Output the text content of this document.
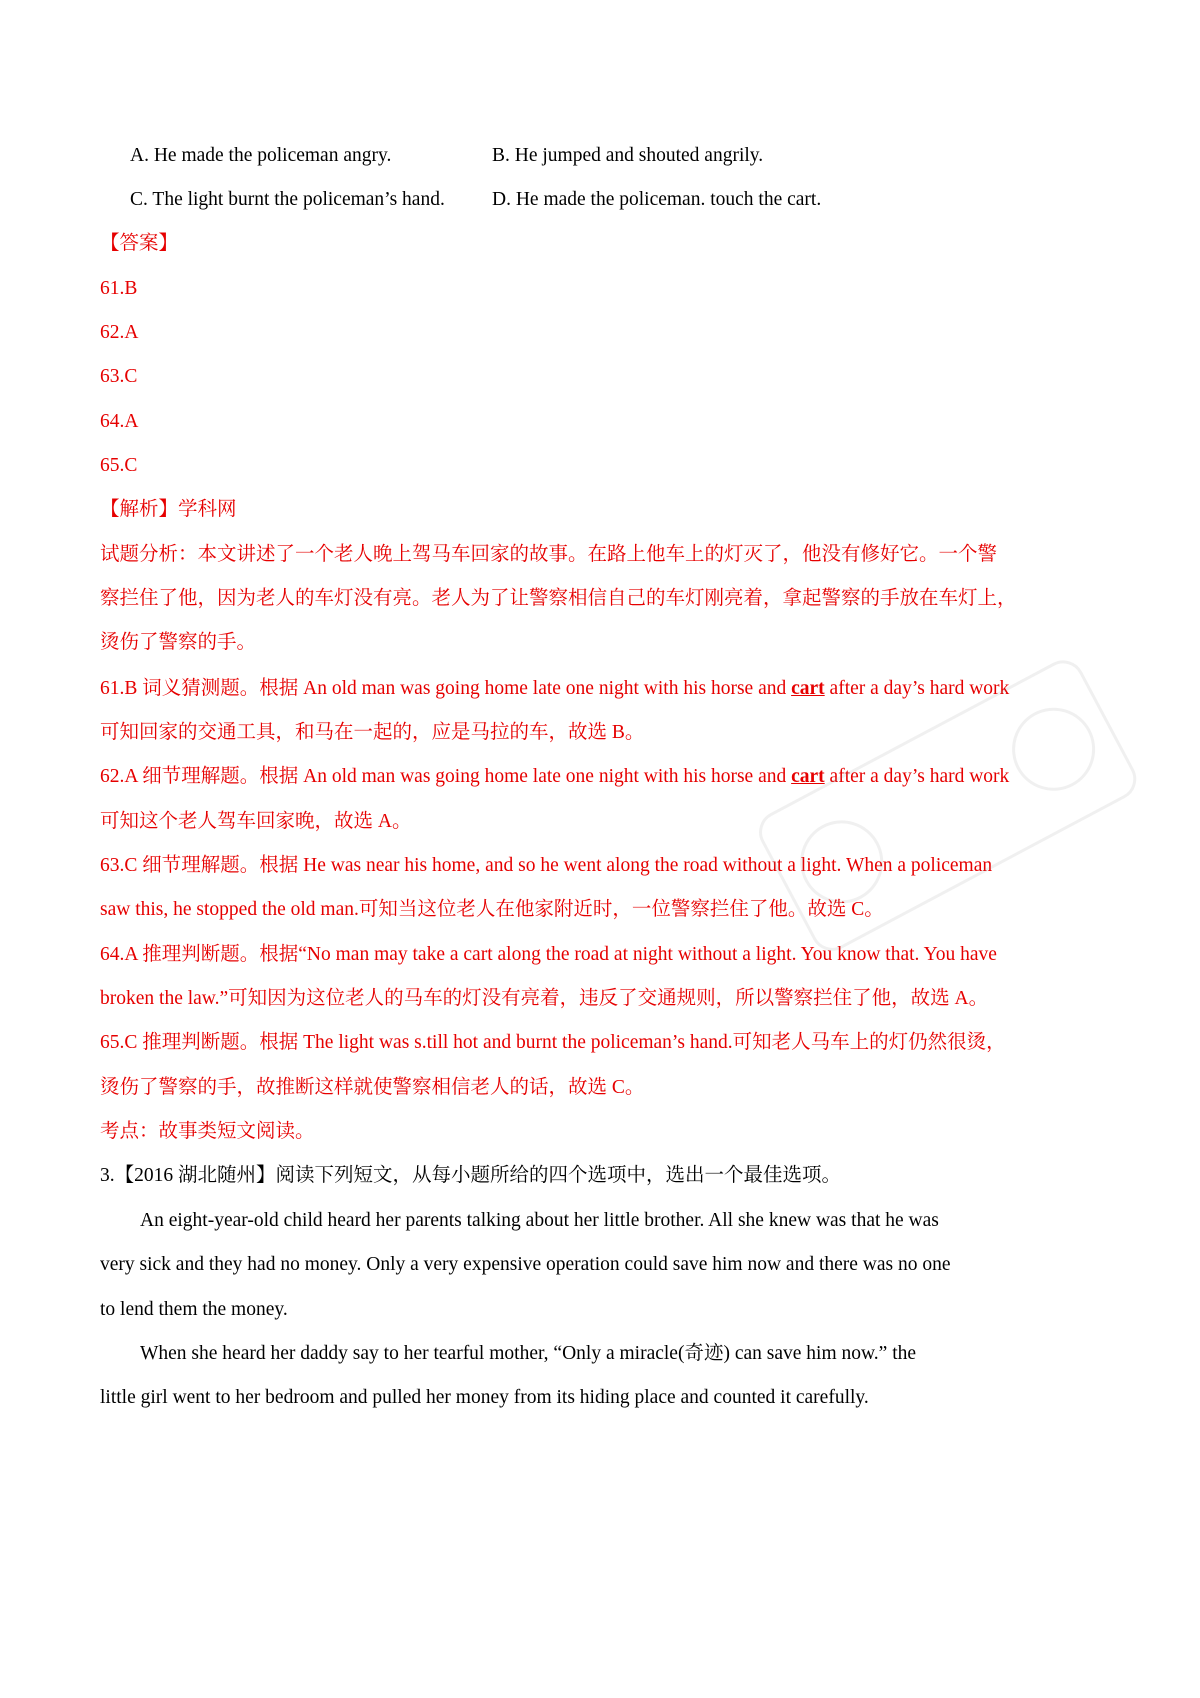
A. He made the policeman angry.	B. He jumped and shouted angrily.
C. The light burnt the policeman’s hand. D. He made the policeman. touch the cart.
【答案】
61.B
62.A
63.C
64.A
65.C
【解析】学科网
试题分析：本文讲述了一个老人晚上驾马车回家的故事。在路上他车上的灯灭了，他没有修好它。一个警
察拦住了他，因为老人的车灯没有亮。老人为了让警察相信自己的车灯刚亮着，拿起警察的手放在车灯上，
烫伤了警察的手。
61.B 词义猜测题。根据 An old man was going home late one night with his horse and cart after a day’s hard work
可知回家的交通工具，和马在一起的，应是马拉的车，故选 B。
62.A 细节理解题。根据 An old man was going home late one night with his horse and cart after a day’s hard work
可知这个老人驾车回家晚，故选 A。
63.C 细节理解题。根据 He was near his home, and so he went along the road without a light. When a policeman
saw this, he stopped the old man.可知当这位老人在他家附近时，一位警察拦住了他。故选 C。
64.A 推理判断题。根据“No man may take a cart along the road at night without a light. You know that. You have
broken the law.”可知因为这位老人的马车的灯没有亮着，违反了交通规则，所以警察拦住了他，故选 A。
65.C 推理判断题。根据 The light was s.till hot and burnt the policeman’s hand.可知老人马车上的灯仍然很烫，
烫伤了警察的手，故推断这样就使警察相信老人的话，故选 C。
考点：故事类短文阅读。
3.【2016 湖北随州】阅读下列短文，从每小题所给的四个选项中，选出一个最佳选项。
An eight-year-old child heard her parents talking about her little brother. All she knew was that he was
very sick and they had no money. Only a very expensive operation could save him now and there was no one
to lend them the money.
When she heard her daddy say to her tearful mother, “Only a miracle(奇迹) can save him now.” the
little girl went to her bedroom and pulled her money from its hiding place and counted it carefully.
